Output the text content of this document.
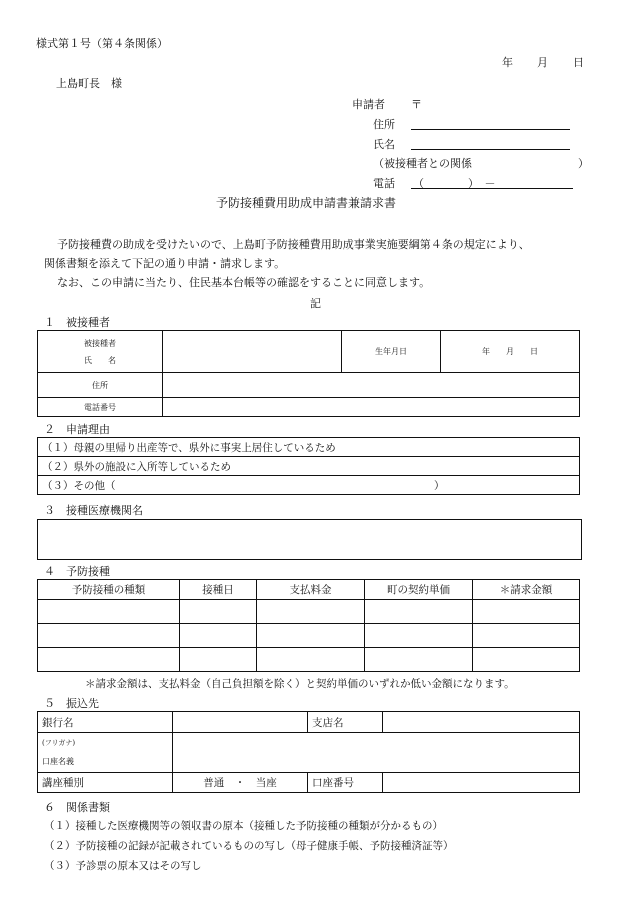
様式第１号（第４条関係）
年 月 日
上島町長　様
申請者 〒
住所
氏名
（被接種者との関係	）
電話 （　　　　）　－
予防接種費用助成申請書兼請求書
予防接種費の助成を受けたいので、上島町予防接種費用助成事業実施要綱第４条の規定により、
関係書類を添えて下記の通り申請・請求します。
なお、この申請に当たり、住民基本台帳等の確認をすることに同意します。
記
１　被接種者
被接種者
氏　　名		生年月日	年　　月　　日
住所			
電話番号			
２　申請理由
（１）母親の里帰り出産等で、県外に事実上居住しているため
（２）県外の施設に入所等しているため
（３）その他（	）
３　接種医療機関名
４　予防接種
予防接種の種類	接種日	支払料金	町の契約単価	＊請求金額

＊請求金額は、支払料金（自己負担額を除く）と契約単価のいずれか低い金額になります。
５　振込先
銀行名		支店名	

(フリガナ)
口座名義			

講座種別	普通　・　当座	口座番号	
６　関係書類
（１）接種した医療機関等の領収書の原本（接種した予防接種の種類が分かるもの）
（２）予防接種の記録が記載されているものの写し（母子健康手帳、予防接種済証等）
（３）予診票の原本又はその写し
